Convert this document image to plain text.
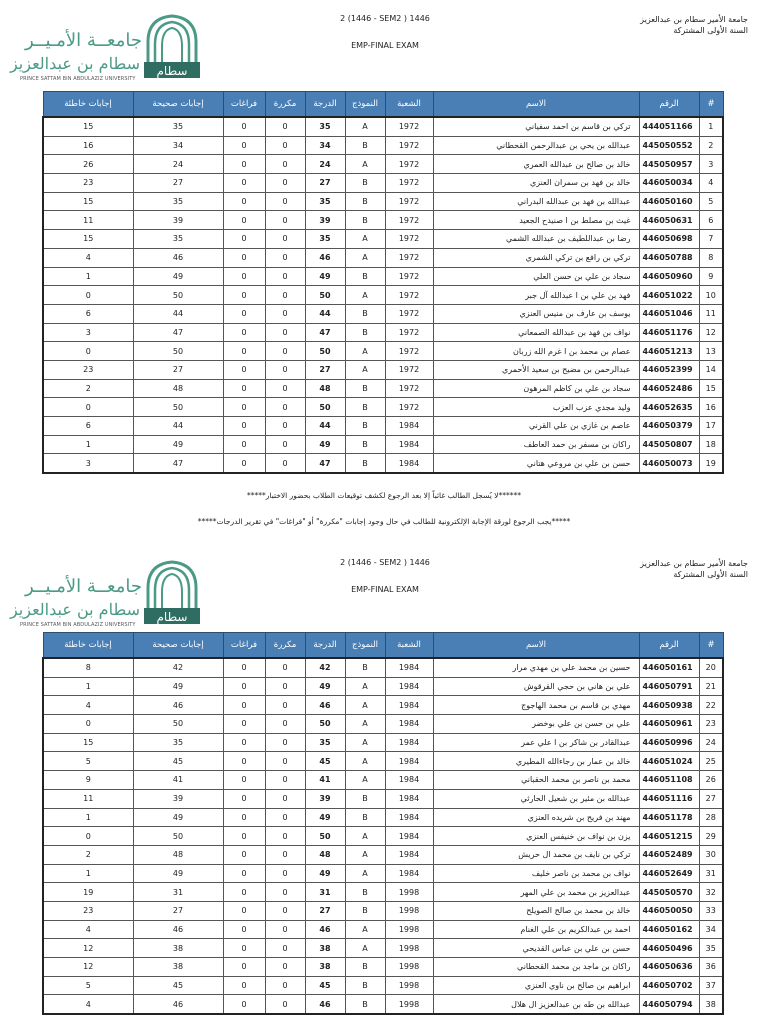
سطام
جامعــة الأمـيــر
سطام بن عبدالعزيز
PRINCE SATTAM BIN ABDULAZIZ UNIVERSITY
2 (1446 - SEM2 ) 1446
EMP-FINAL EXAM
جامعة الأمير سطام بن عبدالعزيز
السنة الأولى المشتركة
#	الرقم	الاسم	الشعبة	النموذج	الدرجة	مكررة	فراغات	إجابات صحيحة	إجابات خاطئة
1	444051166	تركي بن قاسم بن احمد سفياني	1972	A	35	0	0	35	15
2	445050552	عبدالله بن يحي بن عبدالرحمن القحطاني	1972	B	34	0	0	34	16
3	445050957	خالد بن صالح بن عبدالله العمري	1972	A	24	0	0	24	26
4	446050034	خالد بن فهد بن سمران العنزي	1972	B	27	0	0	27	23
5	446050160	عبدالله بن فهد بن عبدالله البدراني	1972	B	35	0	0	35	15
6	446050631	غيث بن مصلط بن ا صنيدح الجعيد	1972	B	39	0	0	39	11
7	446050698	رضا بن عبداللطيف بن عبدالله الشمي	1972	A	35	0	0	35	15
8	446050788	تركي بن رافع بن تركي الشمري	1972	A	46	0	0	46	4
9	446050960	سجاد بن علي بن حسن العلي	1972	B	49	0	0	49	1
10	446051022	فهد بن علي بن ا عبدالله آل جبر	1972	A	50	0	0	50	0
11	446051046	يوسف بن عارف بن منيس العنزي	1972	B	44	0	0	44	6
12	446051176	نواف بن فهد بن عبدالله الصمعاني	1972	B	47	0	0	47	3
13	446051213	عصام بن محمد بن ا غرم الله زربان	1972	A	50	0	0	50	0
14	446052399	عبدالرحمن بن مضيح بن سعيد الأحمري	1972	A	27	0	0	27	23
15	446052486	سجاد بن علي بن كاظم المرهون	1972	B	48	0	0	48	2
16	446052635	وليد مجدي عزب العزب	1972	B	50	0	0	50	0
17	446050379	عاصم بن غازي بن علي القرني	1984	B	44	0	0	44	6
18	445050807	راكان بن مسفر بن حمد العاطف	1984	B	49	0	0	49	1
19	446050073	حسن بن علي بن مروعي هتاني	1984	B	47	0	0	47	3
******لا يُسجل الطالب غائباً إلا بعد الرجوع لكشف توقيعات الطلاب بحضور الاختبار*****
*****يجب الرجوع لورقة الإجابة الإلكترونية للطالب في حال وجود إجابات "مكررة" أو "فراغات" في تقرير الدرجات*****
سطام
جامعــة الأمـيــر
سطام بن عبدالعزيز
PRINCE SATTAM BIN ABDULAZIZ UNIVERSITY
2 (1446 - SEM2 ) 1446
EMP-FINAL EXAM
جامعة الأمير سطام بن عبدالعزيز
السنة الأولى المشتركة
#	الرقم	الاسم	الشعبة	النموذج	الدرجة	مكررة	فراغات	إجابات صحيحة	إجابات خاطئة
20	446050161	حسين بن محمد علي بن مهدي مرار	1984	B	42	0	0	42	8
21	446050791	علي بن هاني بن حجي القرقوش	1984	A	49	0	0	49	1
22	446050938	مهدي بن قاسم بن محمد الهاجوج	1984	A	46	0	0	46	4
23	446050961	علي بن حسن بن علي بوخضر	1984	A	50	0	0	50	0
24	446050996	عبدالقادر بن شاكر بن ا علي عمر	1984	A	35	0	0	35	15
25	446051024	خالد بن عمار بن رجاءالله المطيري	1984	A	45	0	0	45	5
26	446051108	محمد بن ناصر بن محمد الحقباني	1984	A	41	0	0	41	9
27	446051116	عبدالله بن مئير بن شعيل الحارثي	1984	B	39	0	0	39	11
28	446051178	مهند بن فريح بن شريده العنزي	1984	B	49	0	0	49	1
29	446051215	يزن بن نواف بن خنيفس العنزي	1984	A	50	0	0	50	0
30	446052489	تركي بن نايف بن محمد ال حريش	1984	A	48	0	0	48	2
31	446052649	نواف بن محمد بن ناصر خليف	1984	A	49	0	0	49	1
32	445050570	عبدالعزيز بن محمد بن علي المهر	1998	B	31	0	0	31	19
33	446050050	خالد بن محمد بن صالح الصويلح	1998	B	27	0	0	27	23
34	446050162	احمد بن عبدالكريم بن علي الغنام	1998	A	46	0	0	46	4
35	446050496	حسن بن علي بن عباس القديحي	1998	A	38	0	0	38	12
36	446050636	راكان بن ماجد بن محمد القحطاني	1998	B	38	0	0	38	12
37	446050702	ابراهيم بن صالح بن ناوي العنزي	1998	B	45	0	0	45	5
38	446050794	عبدالله بن طه بن عبدالعزيز ال هلال	1998	B	46	0	0	46	4
